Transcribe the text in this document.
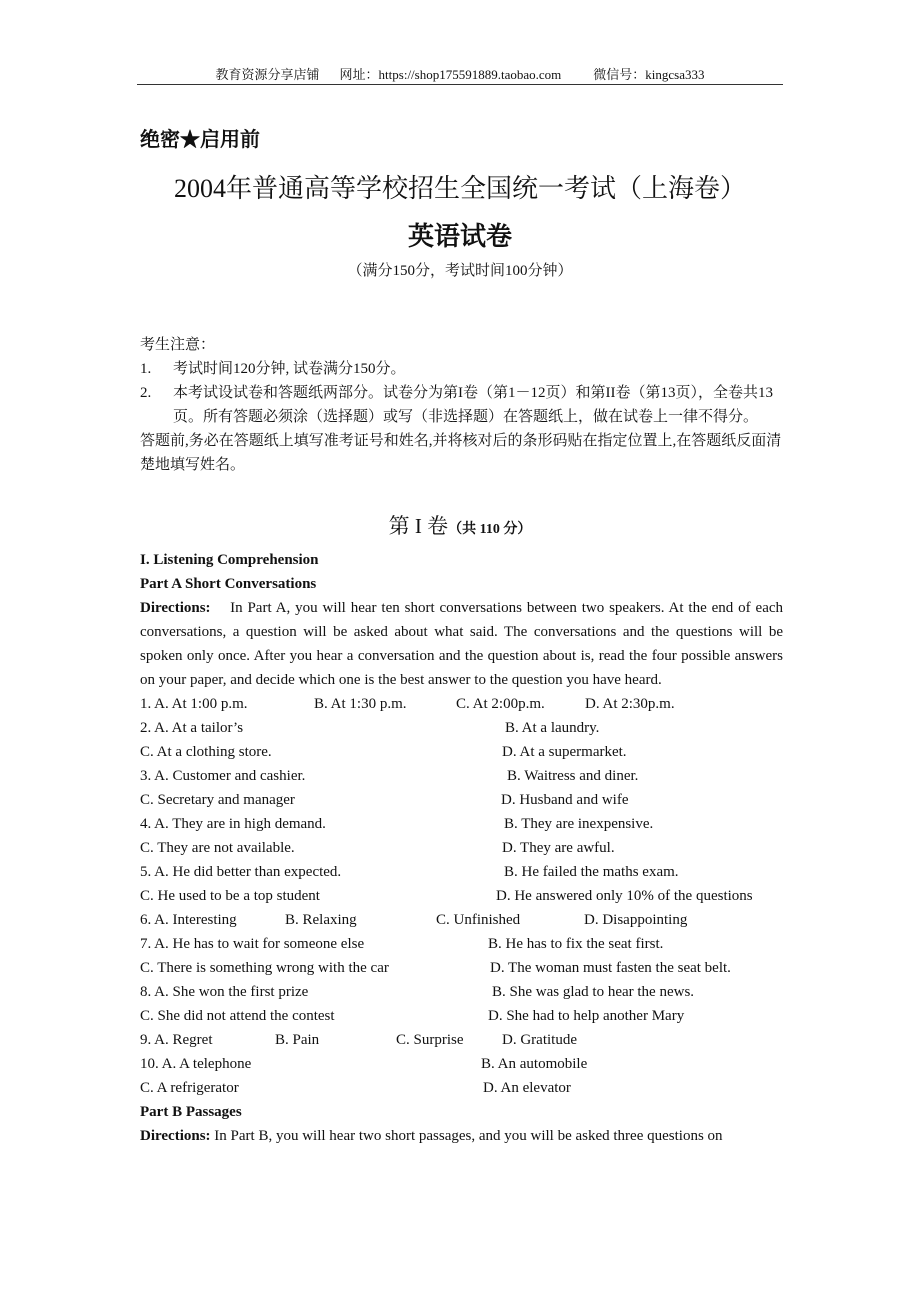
教育资源分享店铺 网址：https://shop175591889.taobao.com 微信号：kingcsa333
绝密★启用前
2004年普通高等学校招生全国统一考试（上海卷）
英语试卷
（满分150分，考试时间100分钟）
考生注意：
1.	考试时间120分钟, 试卷满分150分。
2.	本考试设试卷和答题纸两部分。试卷分为第I卷（第1－12页）和第II卷（第13页），全卷共13页。所有答题必须涂（选择题）或写（非选择题）在答题纸上，做在试卷上一律不得分。
答题前,务必在答题纸上填写准考证号和姓名,并将核对后的条形码贴在指定位置上,在答题纸反面清楚地填写姓名。
第 I 卷（共 110 分）
I. Listening Comprehension
Part A Short Conversations
Directions: In Part A, you will hear ten short conversations between two speakers. At the end of each conversations, a question will be asked about what said. The conversations and the questions will be spoken only once. After you hear a conversation and the question about is, read the four possible answers on your paper, and decide which one is the best answer to the question you have heard.
1. A. At 1:00 p.m.	B. At 1:30 p.m.	C. At 2:00p.m.	D. At 2:30p.m.
2. A. At a tailor’s	B. At a laundry.
C. At a clothing store.	D. At a supermarket.
3. A. Customer and cashier.	B. Waitress and diner.
C. Secretary and manager	D. Husband and wife
4. A. They are in high demand.	B. They are inexpensive.
C. They are not available.	D. They are awful.
5. A. He did better than expected.	B. He failed the maths exam.
C. He used to be a top student	D. He answered only 10% of the questions
6. A. Interesting	B. Relaxing	C. Unfinished	D. Disappointing
7. A. He has to wait for someone else	B. He has to fix the seat first.
C. There is something wrong with the car	D. The woman must fasten the seat belt.
8. A. She won the first prize	B. She was glad to hear the news.
C. She did not attend the contest	D. She had to help another Mary
9. A. Regret	B. Pain	C. Surprise	D. Gratitude
10. A. A telephone	B. An automobile
C. A refrigerator	D. An elevator
Part B Passages
Directions: In Part B, you will hear two short passages, and you will be asked three questions on
